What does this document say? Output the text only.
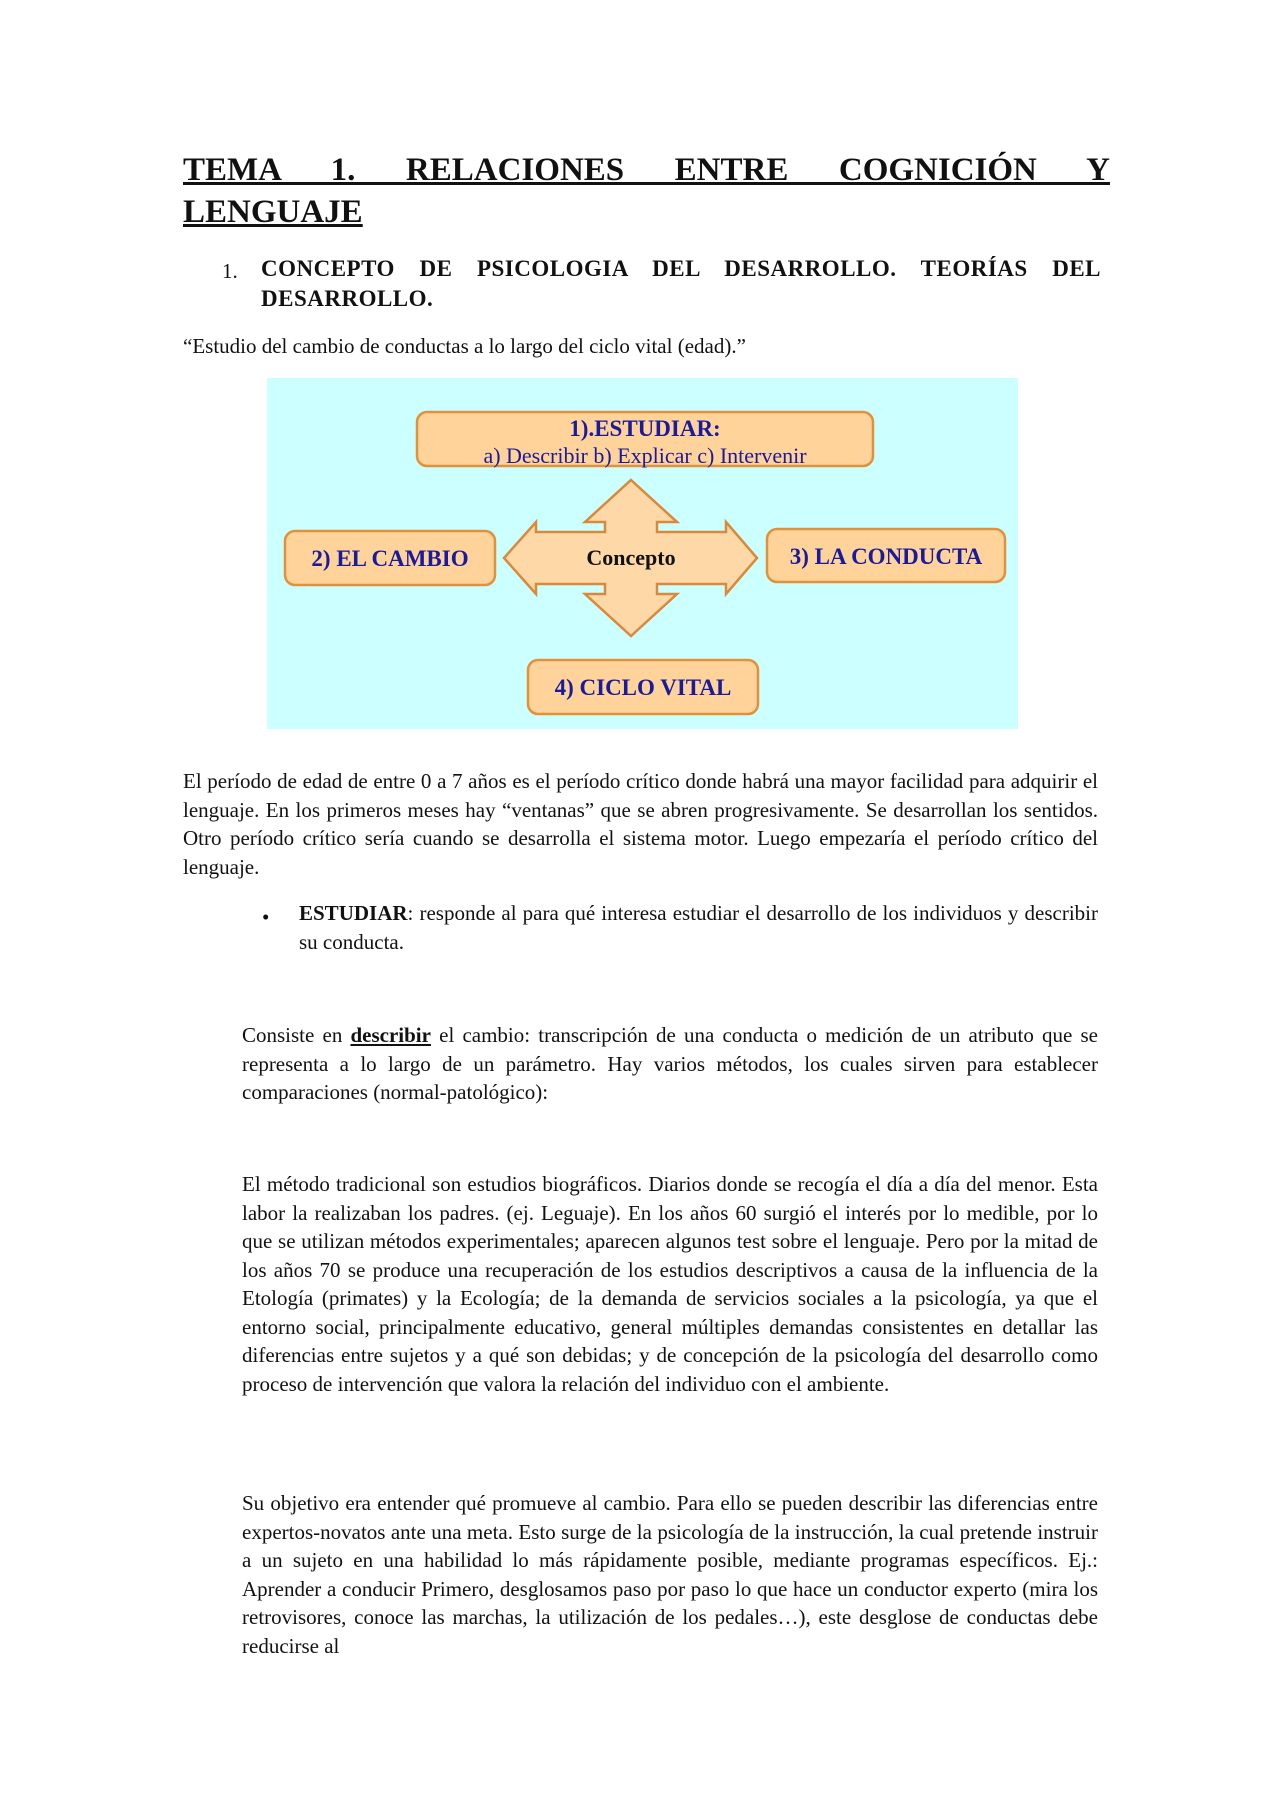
TEMA 1. RELACIONES ENTRE COGNICIÓN Y
LENGUAJE
1. CONCEPTO DE PSICOLOGIA DEL DESARROLLO. TEORÍAS DEL
DESARROLLO.
“Estudio del cambio de conductas a lo largo del ciclo vital (edad).”
1).ESTUDIAR:
a) Describir b) Explicar c) Intervenir
2) EL CAMBIO	3) LA CONDUCTA
4) CICLO VITAL
Concepto

El período de edad de entre 0 a 7 años es el período crítico donde habrá una mayor facilidad para adquirir el lenguaje. En los primeros meses hay “ventanas” que se abren progresivamente. Se desarrollan los sentidos. Otro período crítico sería cuando se desarrolla el sistema motor. Luego empezaría el período crítico del lenguaje.

• ESTUDIAR: responde al para qué interesa estudiar el desarrollo de los individuos y describir su conducta.

Consiste en describir el cambio: transcripción de una conducta o medición de un atributo que se representa a lo largo de un parámetro. Hay varios métodos, los cuales sirven para establecer comparaciones (normal-patológico):

El método tradicional son estudios biográficos. Diarios donde se recogía el día a día del menor. Esta labor la realizaban los padres. (ej. Leguaje). En los años 60 surgió el interés por lo medible, por lo que se utilizan métodos experimentales; aparecen algunos test sobre el lenguaje. Pero por la mitad de los años 70 se produce una recuperación de los estudios descriptivos a causa de la influencia de la Etología (primates) y la Ecología; de la demanda de servicios sociales a la psicología, ya que el entorno social, principalmente educativo, general múltiples demandas consistentes en detallar las diferencias entre sujetos y a qué son debidas; y de concepción de la psicología del desarrollo como proceso de intervención que valora la relación del individuo con el ambiente.

Su objetivo era entender qué promueve al cambio. Para ello se pueden describir las diferencias entre expertos-novatos ante una meta. Esto surge de la psicología de la instrucción, la cual pretende instruir a un sujeto en una habilidad lo más rápidamente posible, mediante programas específicos. Ej.: Aprender a conducir Primero, desglosamos paso por paso lo que hace un conductor experto (mira los retrovisores, conoce las marchas, la utilización de los pedales…), este desglose de conductas debe reducirse al
